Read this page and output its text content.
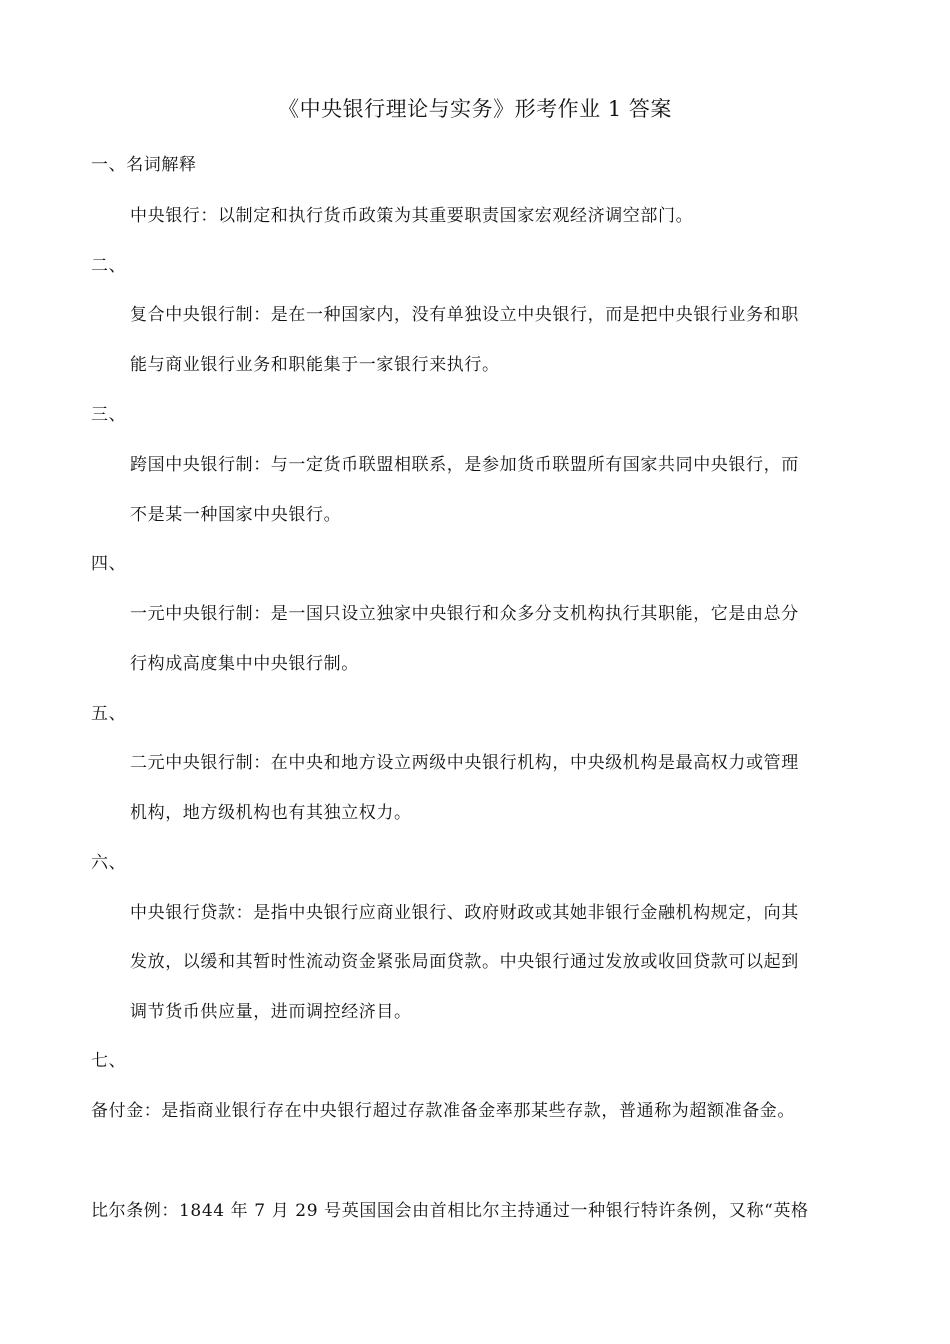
《中央银行理论与实务》形考作业 1 答案
一、名词解释
中央银行：以制定和执行货币政策为其重要职责国家宏观经济调空部门。
二、
复合中央银行制：是在一种国家内，没有单独设立中央银行，而是把中央银行业务和职
能与商业银行业务和职能集于一家银行来执行。
三、
跨国中央银行制：与一定货币联盟相联系，是参加货币联盟所有国家共同中央银行，而
不是某一种国家中央银行。
四、
一元中央银行制：是一国只设立独家中央银行和众多分支机构执行其职能，它是由总分
行构成高度集中中央银行制。
五、
二元中央银行制：在中央和地方设立两级中央银行机构，中央级机构是最高权力或管理
机构，地方级机构也有其独立权力。
六、
中央银行贷款：是指中央银行应商业银行、政府财政或其她非银行金融机构规定，向其
发放，以缓和其暂时性流动资金紧张局面贷款。中央银行通过发放或收回贷款可以起到
调节货币供应量，进而调控经济目。
七、
备付金：是指商业银行存在中央银行超过存款准备金率那某些存款，普通称为超额准备金。
比尔条例：1844 年 7 月 29 号英国国会由首相比尔主持通过一种银行特许条例，又称“英格
